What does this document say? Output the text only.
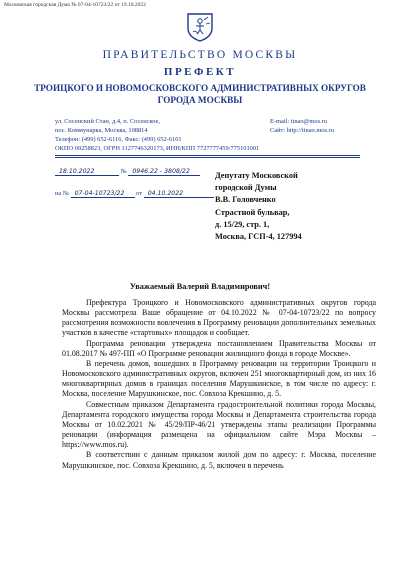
Московская городская Дума № 07-04-10723/22 от 19.10.2022
ПРАВИТЕЛЬСТВО МОСКВЫ
ПРЕФЕКТ
ТРОИЦКОГО И НОВОМОСКОВСКОГО АДМИНИСТРАТИВНЫХ ОКРУГОВ
ГОРОДА МОСКВЫ
ул. Сосенский Стан, д.4, п. Сосенское,
пос. Коммунарка, Москва, 108814
Телефон: (499) 652-6116, Факс: (499) 652-6101
ОКПО 09258823, ОГРН 1127746320173, ИНН/КПП 7727777459/775101001
E-mail: tinao@mos.ru
Сайт: http://tinao.mos.ru
18.10.2022	№ 0946.22 - 3808/22
на № 07-04-10723/22 от 04.10.2022
Депутату Московской
городской Думы
В.В. Головченко
Страстной бульвар,
д. 15/29, стр. 1,
Москва, ГСП-4, 127994
Уважаемый Валерий Владимирович!

Префектура Троицкого и Новомосковского административных округов города Москвы рассмотрела Ваше обращение от 04.10.2022 № 07-04-10723/22 по вопросу рассмотрения возможности вовлечения в Программу реновации дополнительных земельных участков в качестве «стартовых» площадок и сообщает.

Программа реновации утверждена постановлением Правительства Москвы от 01.08.2017 № 497-ПП «О Программе реновации жилищного фонда в городе Москве».

В перечень домов, вошедших в Программу реновации на территории Троицкого и Новомосковского административных округов, включен 251 многоквартирный дом, из них 16 многоквартирных домов в границах поселения Марушкинское, в том числе по адресу: г. Москва, поселение Марушкинское, пос. Совхоза Крекшино, д. 5.

Совместным приказом Департамента градостроительной политики города Москвы, Департамента городского имущества города Москвы и Департамента строительства города Москвы от 10.02.2021 № 45/29/ПР-46/21 утверждены этапы реализации Программы реновации (информация размещена на официальном сайте Мэра Москвы – https://www.mos.ru).

В соответствии с данным приказом жилой дом по адресу: г. Москва, поселение Марушкинское, пос. Совхоза Крекшино, д. 5, включен в перечень
